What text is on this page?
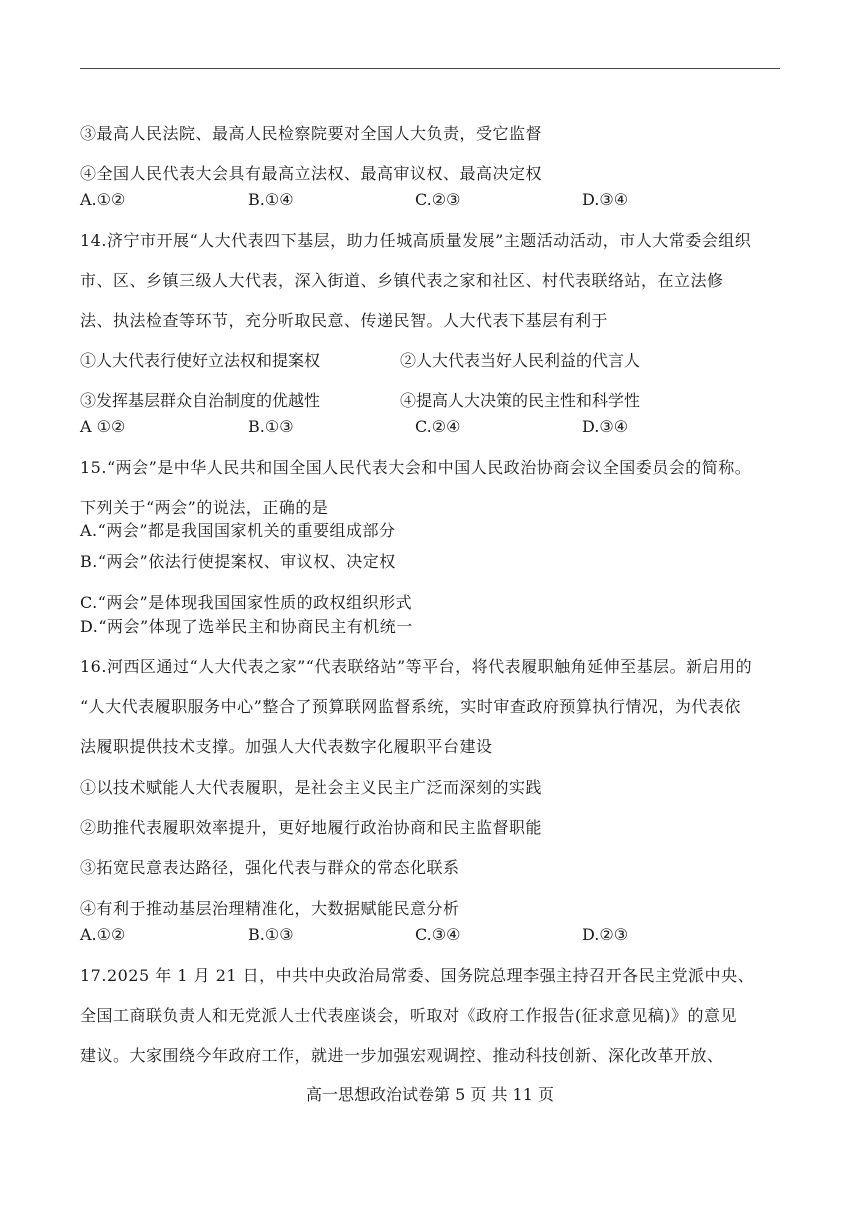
③最高人民法院、最高人民检察院要对全国人大负责，受它监督
④全国人民代表大会具有最高立法权、最高审议权、最高决定权
A.①②	B.①④	C.②③	D.③④
14.济宁市开展“人大代表四下基层，助力任城高质量发展”主题活动活动，市人大常委会组织
市、区、乡镇三级人大代表，深入街道、乡镇代表之家和社区、村代表联络站，在立法修
法、执法检查等环节，充分听取民意、传递民智。人大代表下基层有利于
①人大代表行使好立法权和提案权	②人大代表当好人民利益的代言人
③发挥基层群众自治制度的优越性	④提高人大决策的民主性和科学性
A ①②	B.①③	C.②④	D.③④
15.“两会”是中华人民共和国全国人民代表大会和中国人民政治协商会议全国委员会的简称。
下列关于“两会”的说法，正确的是
A.“两会”都是我国国家机关的重要组成部分
B.“两会”依法行使提案权、审议权、决定权
C.“两会”是体现我国国家性质的政权组织形式
D.“两会”体现了选举民主和协商民主有机统一
16.河西区通过“人大代表之家”“代表联络站”等平台，将代表履职触角延伸至基层。新启用的
“人大代表履职服务中心”整合了预算联网监督系统，实时审查政府预算执行情况，为代表依
法履职提供技术支撑。加强人大代表数字化履职平台建设
①以技术赋能人大代表履职，是社会主义民主广泛而深刻的实践
②助推代表履职效率提升，更好地履行政治协商和民主监督职能
③拓宽民意表达路径，强化代表与群众的常态化联系
④有利于推动基层治理精准化，大数据赋能民意分析
A.①②	B.①③	C.③④	D.②③
17.2025 年 1 月 21 日，中共中央政治局常委、国务院总理李强主持召开各民主党派中央、
全国工商联负责人和无党派人士代表座谈会，听取对《政府工作报告(征求意见稿)》的意见
建议。大家围绕今年政府工作，就进一步加强宏观调控、推动科技创新、深化改革开放、
高一思想政治试卷第 5 页 共 11 页
